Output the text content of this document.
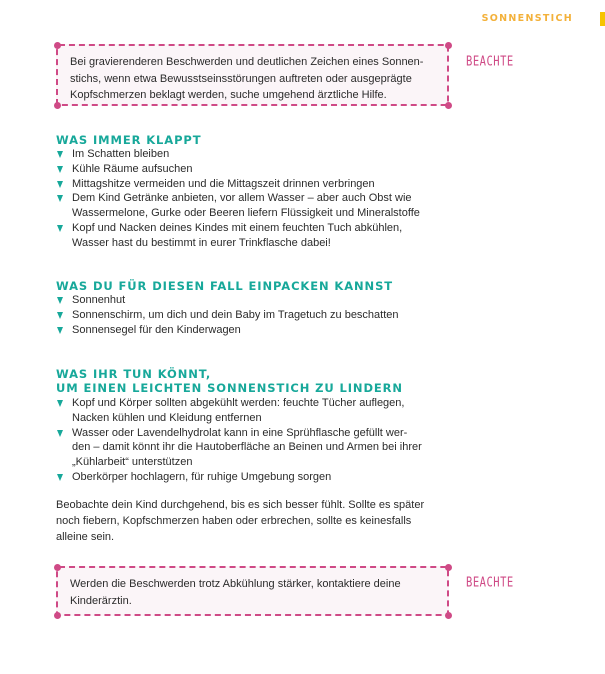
SONNENSTICH
Bei gravierenderen Beschwerden und deutlichen Zeichen eines Sonnen-
stichs, wenn etwa Bewusstseinsstörungen auftreten oder ausgeprägte
Kopfschmerzen beklagt werden, suche umgehend ärztliche Hilfe.
BEACHTE
WAS IMMER KLAPPT
Im Schatten bleiben
Kühle Räume aufsuchen
Mittagshitze vermeiden und die Mittagszeit drinnen verbringen
Dem Kind Getränke anbieten, vor allem Wasser – aber auch Obst wie
Wassermelone, Gurke oder Beeren liefern Flüssigkeit und Mineralstoffe
Kopf und Nacken deines Kindes mit einem feuchten Tuch abkühlen,
Wasser hast du bestimmt in eurer Trinkflasche dabei!
WAS DU FÜR DIESEN FALL EINPACKEN KANNST
Sonnenhut
Sonnenschirm, um dich und dein Baby im Tragetuch zu beschatten
Sonnensegel für den Kinderwagen
WAS IHR TUN KÖNNT,
UM EINEN LEICHTEN SONNENSTICH ZU LINDERN
Kopf und Körper sollten abgekühlt werden: feuchte Tücher auflegen,
Nacken kühlen und Kleidung entfernen
Wasser oder Lavendelhydrolat kann in eine Sprühflasche gefüllt wer-
den – damit könnt ihr die Hautoberfläche an Beinen und Armen bei ihrer
„Kühlarbeit“ unterstützen
Oberkörper hochlagern, für ruhige Umgebung sorgen
Beobachte dein Kind durchgehend, bis es sich besser fühlt. Sollte es später
noch fiebern, Kopfschmerzen haben oder erbrechen, sollte es keinesfalls
alleine sein.
Werden die Beschwerden trotz Abkühlung stärker, kontaktiere deine
Kinderärztin.
BEACHTE
